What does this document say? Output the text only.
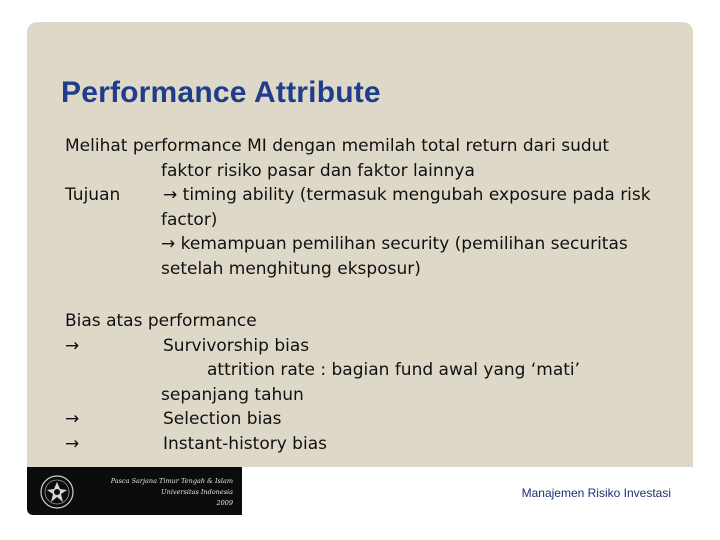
Performance Attribute
Melihat performance MI dengan memilah total return dari sudut
faktor risiko pasar dan faktor lainnya
Tujuan	→ timing ability (termasuk mengubah exposure pada risk
factor)
→ kemampuan pemilihan security (pemilihan securitas
setelah menghitung eksposur)
Bias atas performance
→	Survivorship bias
attrition rate : bagian fund awal yang ‘mati’
sepanjang tahun
→	Selection bias
→	Instant-history bias
Pasca Sarjana Timur Tengah & Islam
Universitas Indonesia
2009
Manajemen Risiko Investasi
